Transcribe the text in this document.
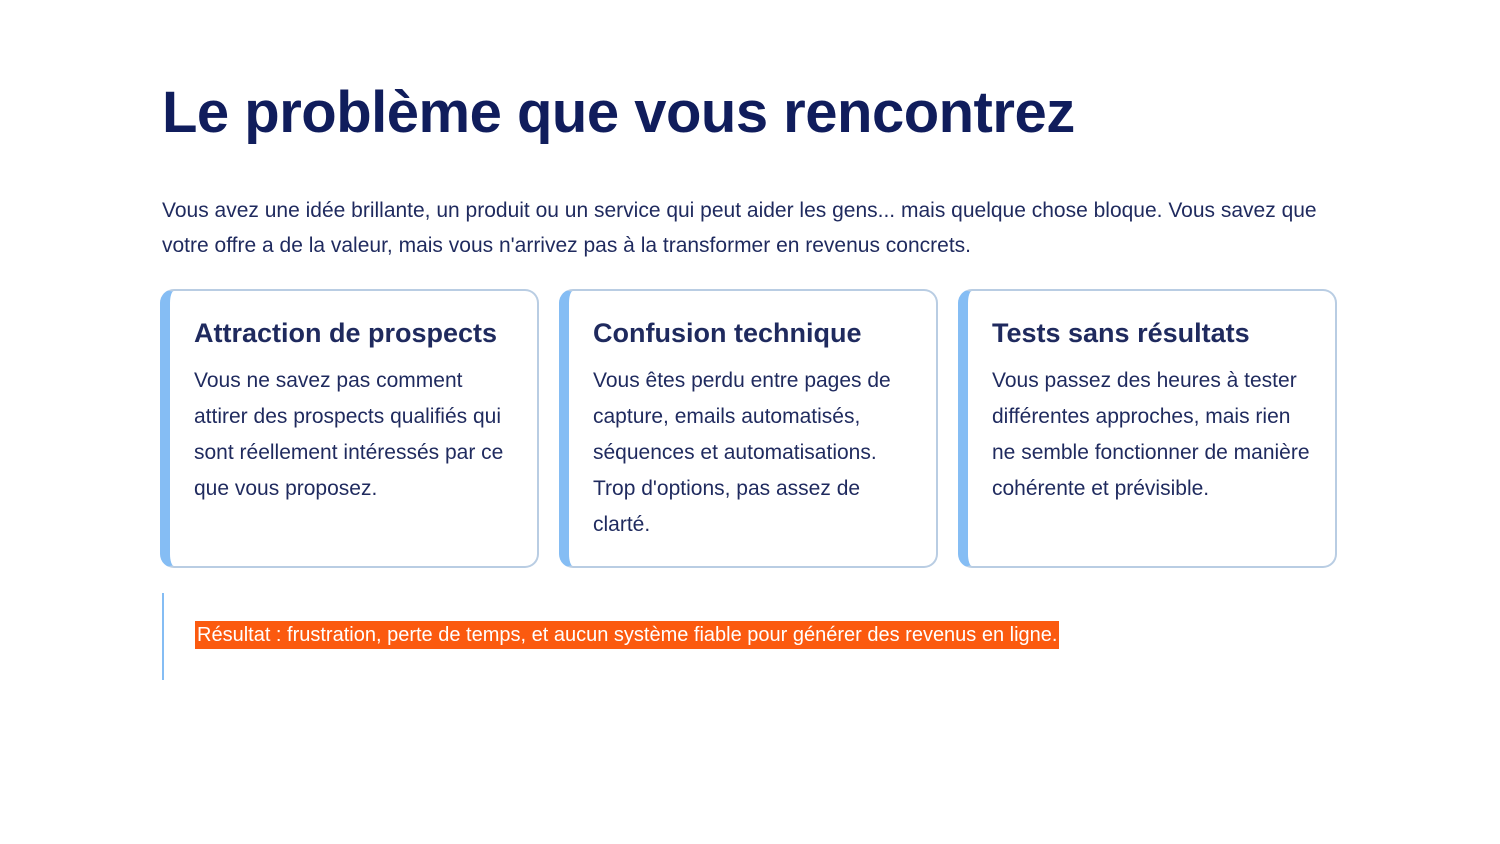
Le problème que vous rencontrez

Vous avez une idée brillante, un produit ou un service qui peut aider les gens... mais quelque chose bloque. Vous savez que votre offre a de la valeur, mais vous n'arrivez pas à la transformer en revenus concrets.

Attraction de prospects

Vous ne savez pas comment attirer des prospects qualifiés qui sont réellement intéressés par ce que vous proposez.

Confusion technique

Vous êtes perdu entre pages de capture, emails automatisés, séquences et automatisations. Trop d'options, pas assez de clarté.

Tests sans résultats

Vous passez des heures à tester différentes approches, mais rien ne semble fonctionner de manière cohérente et prévisible.

Résultat : frustration, perte de temps, et aucun système fiable pour générer des revenus en ligne.
